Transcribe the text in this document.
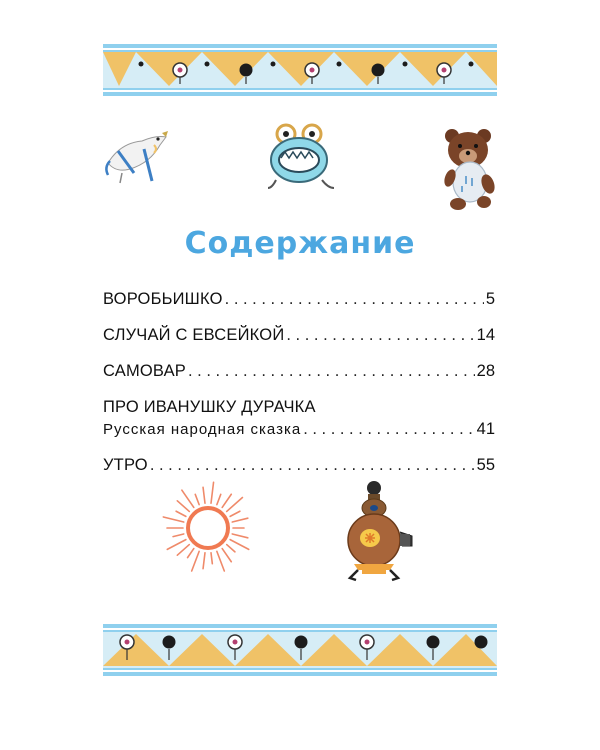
Содержание
ВОРОБЬИШКО . . .	5
СЛУЧАЙ С ЕВСЕЙКОЙ . . .	14
САМОВАР . . .	28
ПРО ИВАНУШКУ ДУРАЧКА
Русская народная сказка . . .	41
УТРО . . .	55
